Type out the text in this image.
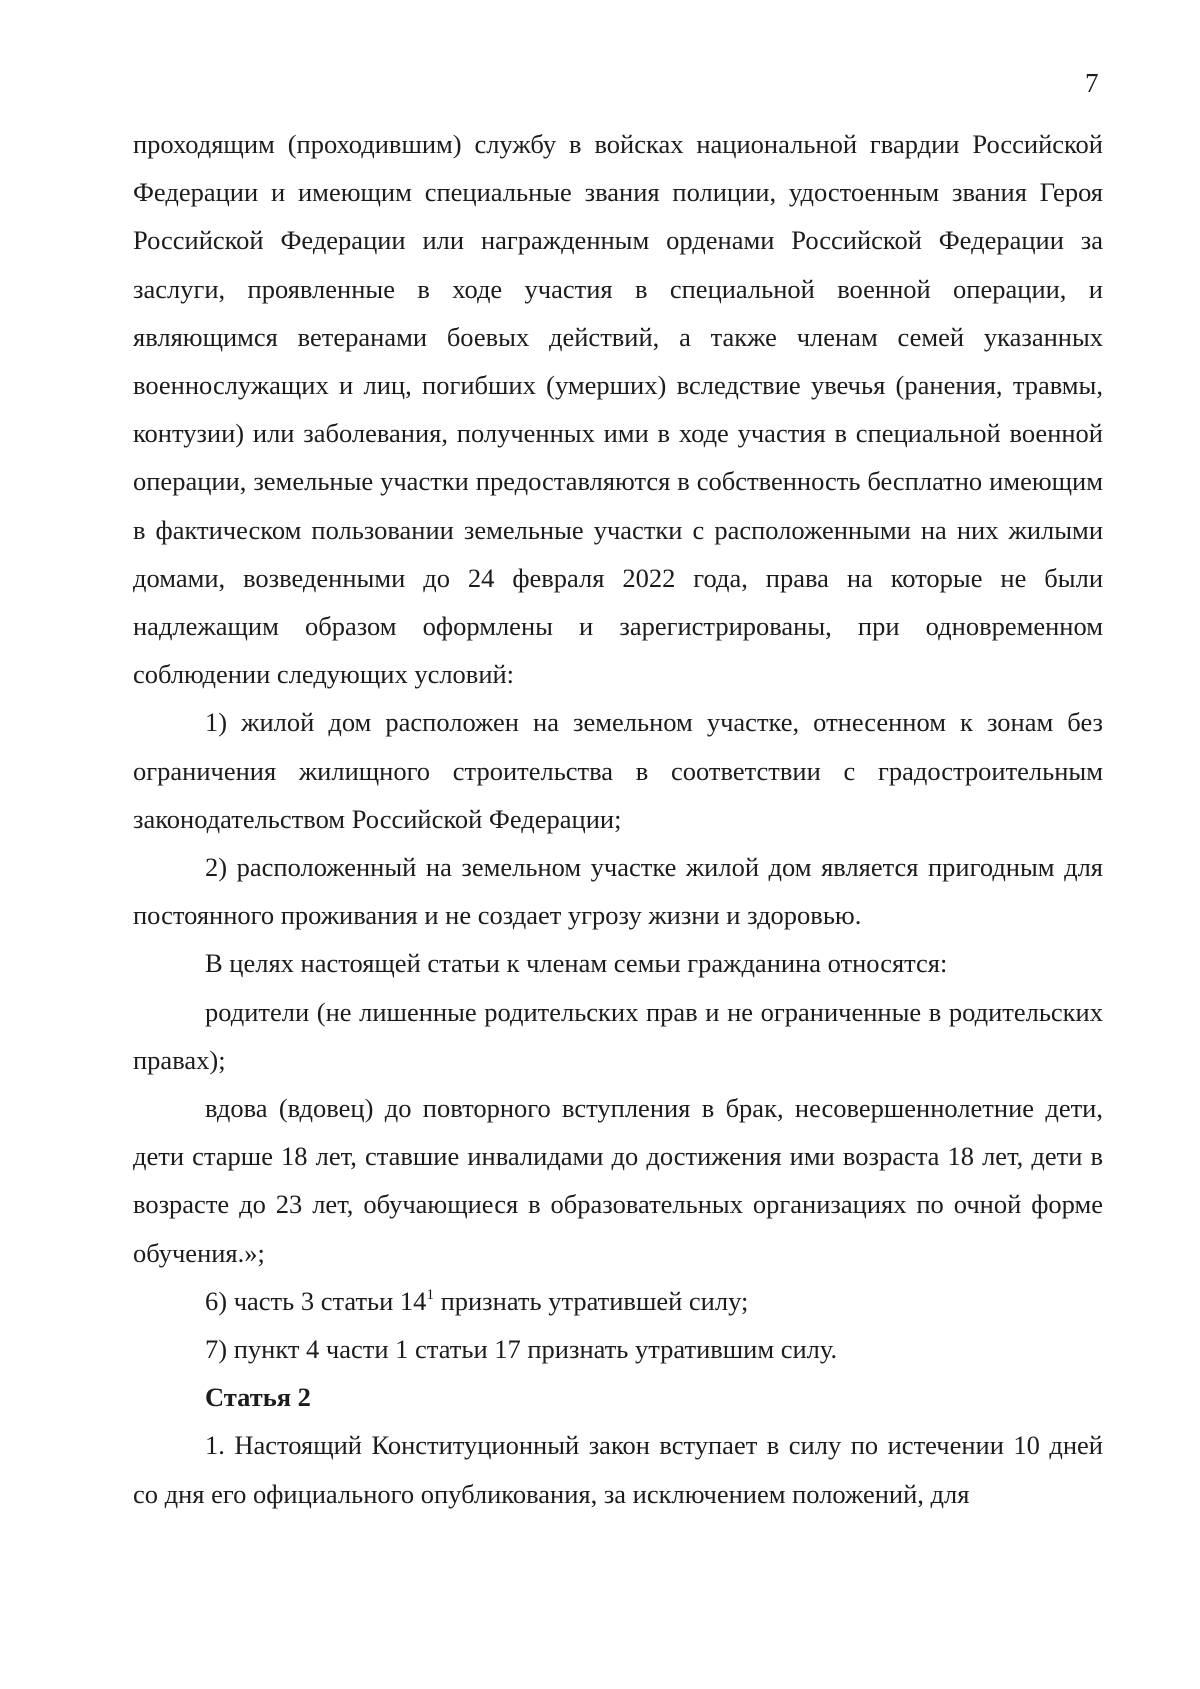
7

проходящим (проходившим) службу в войсках национальной гвардии Российской Федерации и имеющим специальные звания полиции, удостоенным звания Героя Российской Федерации или награжденным орденами Российской Федерации за заслуги, проявленные в ходе участия в специальной военной операции, и являющимся ветеранами боевых действий, а также членам семей указанных военнослужащих и лиц, погибших (умерших) вследствие увечья (ранения, травмы, контузии) или заболевания, полученных ими в ходе участия в специальной военной операции, земельные участки предоставляются в собственность бесплатно имеющим в фактическом пользовании земельные участки с расположенными на них жилыми домами, возведенными до 24 февраля 2022 года, права на которые не были надлежащим образом оформлены и зарегистрированы, при одновременном соблюдении следующих условий:

1) жилой дом расположен на земельном участке, отнесенном к зонам без ограничения жилищного строительства в соответствии с градостроительным законодательством Российской Федерации;

2) расположенный на земельном участке жилой дом является пригодным для постоянного проживания и не создает угрозу жизни и здоровью.

В целях настоящей статьи к членам семьи гражданина относятся:

родители (не лишенные родительских прав и не ограниченные в родительских правах);

вдова (вдовец) до повторного вступления в брак, несовершеннолетние дети, дети старше 18 лет, ставшие инвалидами до достижения ими возраста 18 лет, дети в возрасте до 23 лет, обучающиеся в образовательных организациях по очной форме обучения.»;

6) часть 3 статьи $14^1$ признать утратившей силу;

7) пункт 4 части 1 статьи 17 признать утратившим силу.

Статья 2

1. Настоящий Конституционный закон вступает в силу по истечении 10 дней со дня его официального опубликования, за исключением положений, для
